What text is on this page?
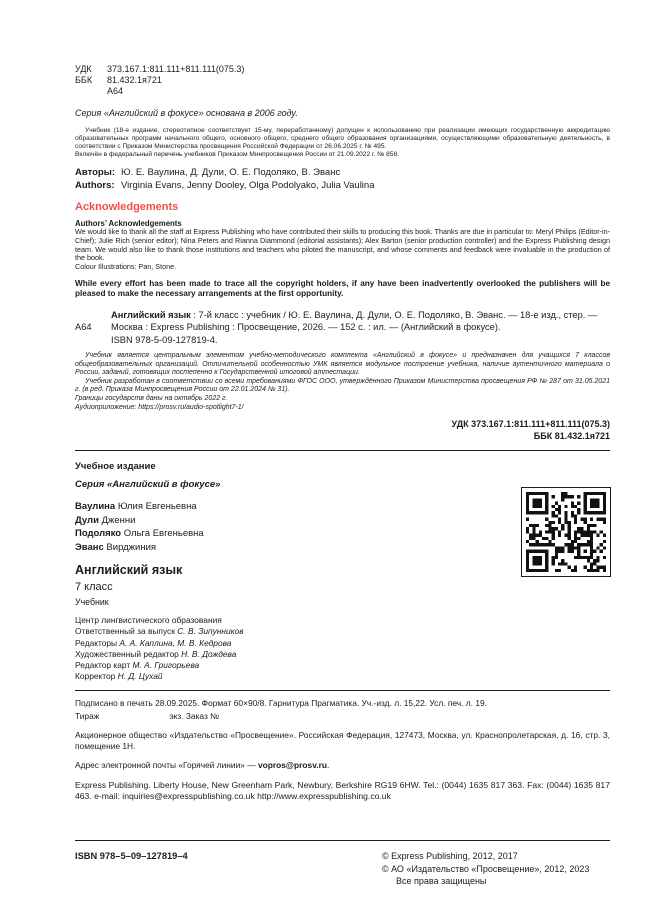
УДК 373.167.1:811.111+811.111(075.3)
ББК 81.432.1я721
А64

Серия «Английский в фокусе» основана в 2006 году.

Учебник (18-е издание, стереотипное соответствует 15-му, переработанному) допущен к использованию при реализации имеющих государственную аккредитацию образовательных программ начального общего, основного общего, среднего общего образования организациями, осуществляющими образовательную деятельность, в соответствии с Приказом Министерства просвещения Российской Федерации от 26.06.2025 г. № 495.

Включён в федеральный перечень учебников Приказом Минпросвещения России от 21.09.2022 г. № 858.

Авторы: Ю. Е. Ваулина, Д. Дули, О. Е. Подоляко, В. Эванс

Authors: Virginia Evans, Jenny Dooley, Olga Podolyako, Julia Vaulina

Acknowledgements
Authors’ Acknowledgements

We would like to thank all the staff at Express Publishing who have contributed their skills to producing this book. Thanks are due in particular to: Meryl Philips (Editor-in-Chief); Julie Rich (senior editor); Nina Peters and Rianna Diammond (editorial assistants); Alex Barton (senior production controller) and the Express Publishing design team. We would also like to thank those institutions and teachers who piloted the manuscript, and whose comments and feedback were invaluable in the production of the book.

Colour Illustrations: Pan, Stone.

While every effort has been made to trace all the copyright holders, if any have been inadvertently overlooked the publishers will be pleased to make the necessary arrangements at the first opportunity.

А64

Английский язык : 7-й класс : учебник / Ю. Е. Ваулина, Д. Дули, О. Е. Подоляко, В. Эванс. — 18-е изд., стер. — Москва : Express Publishing : Просвещение, 2026. — 152 с. : ил. — (Английский в фокусе).

ISBN 978-5-09-127819-4.

Учебник является центральным элементом учебно-методического комплекта «Английский в фокусе» и предназначен для учащихся 7 классов общеобразовательных организаций. Отличительной особенностью УМК является модульное построение учебника, наличие аутентичного материала о России, заданий, готовящих постепенно к Государственной итоговой аттестации.

Учебник разработан в соответствии со всеми требованиями ФГОС ООО, утверждённого Приказом Министерства просвещения РФ № 287 от 31.05.2021 г. (в ред. Приказа Минпросвещения России от 22.01.2024 № 31).

Границы государств даны на октябрь 2022 г.

Аудиоприложение: https://prosv.ru/audio-spotlight7-1/

УДК 373.167.1:811.111+811.111(075.3)
ББК 81.432.1я721

Учебное издание

Серия «Английский в фокусе»

Ваулина Юлия Евгеньевна
Дули Дженни
Подоляко Ольга Евгеньевна
Эванс Вирджиния

Английский язык

7 класс

Учебник

Центр лингвистического образования

Ответственный за выпуск С. В. Зипунников
Редакторы А. А. Каплина, М. В. Кедрова
Художественный редактор Н. В. Дождева
Редактор карт М. А. Григорьева
Корректор Н. Д. Цухай

Подписано в печать 28.09.2025. Формат 60×90/8. Гарнитура Прагматика. Уч.-изд. л. 15,22. Усл. печ. л. 19.

Тираж	экз. Заказ №

Акционерное общество «Издательство «Просвещение». Российская Федерация, 127473, Москва, ул. Краснопролетарская, д. 16, стр. 3, помещение 1Н.

Адрес электронной почты «Горячей линии» — vopros@prosv.ru.

Express Publishing. Liberty House, New Greenham Park, Newbury, Berkshire RG19 6HW. Tel.: (0044) 1635 817 363. Fax: (0044) 1635 817 463. e-mail: inquiries@expresspublishing.co.uk http://www.expresspublishing.co.uk

ISBN 978–5–09–127819–4	© Express Publishing, 2012, 2017
© АО «Издательство «Просвещение», 2012, 2023
Все права защищены
